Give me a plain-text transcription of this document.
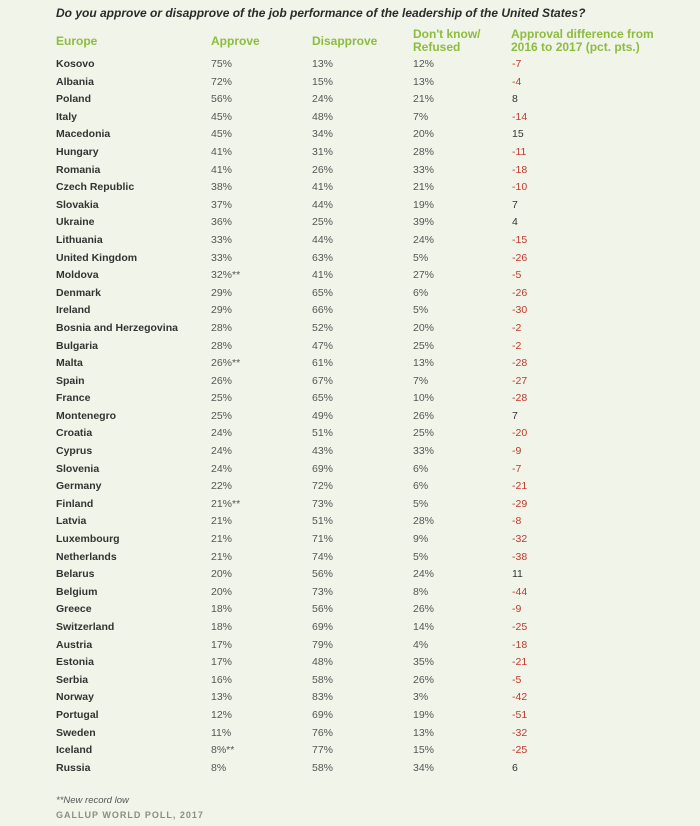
Do you approve or disapprove of the job performance of the leadership of the United States?
Europe	Approve	Disapprove	Don't know/
Refused
Approval difference from
2016 to 2017 (pct. pts.)
Kosovo	75%	13%	12%	-7
Albania	72%	15%	13%	-4
Poland	56%	24%	21%	8
Italy	45%	48%	7%	-14
Macedonia	45%	34%	20%	15
Hungary	41%	31%	28%	-11
Romania	41%	26%	33%	-18
Czech Republic	38%	41%	21%	-10
Slovakia	37%	44%	19%	7
Ukraine	36%	25%	39%	4
Lithuania	33%	44%	24%	-15
United Kingdom	33%	63%	5%	-26
Moldova	32%**	41%	27%	-5
Denmark	29%	65%	6%	-26
Ireland	29%	66%	5%	-30
Bosnia and Herzegovina	28%	52%	20%	-2
Bulgaria	28%	47%	25%	-2
Malta	26%**	61%	13%	-28
Spain	26%	67%	7%	-27
France	25%	65%	10%	-28
Montenegro	25%	49%	26%	7
Croatia	24%	51%	25%	-20
Cyprus	24%	43%	33%	-9
Slovenia	24%	69%	6%	-7
Germany	22%	72%	6%	-21
Finland	21%**	73%	5%	-29
Latvia	21%	51%	28%	-8
Luxembourg	21%	71%	9%	-32
Netherlands	21%	74%	5%	-38
Belarus	20%	56%	24%	11
Belgium	20%	73%	8%	-44
Greece	18%	56%	26%	-9
Switzerland	18%	69%	14%	-25
Austria	17%	79%	4%	-18
Estonia	17%	48%	35%	-21
Serbia	16%	58%	26%	-5
Norway	13%	83%	3%	-42
Portugal	12%	69%	19%	-51
Sweden	11%	76%	13%	-32
Iceland	8%**	77%	15%	-25
Russia	8%	58%	34%	6
**New record low
GALLUP WORLD POLL, 2017
